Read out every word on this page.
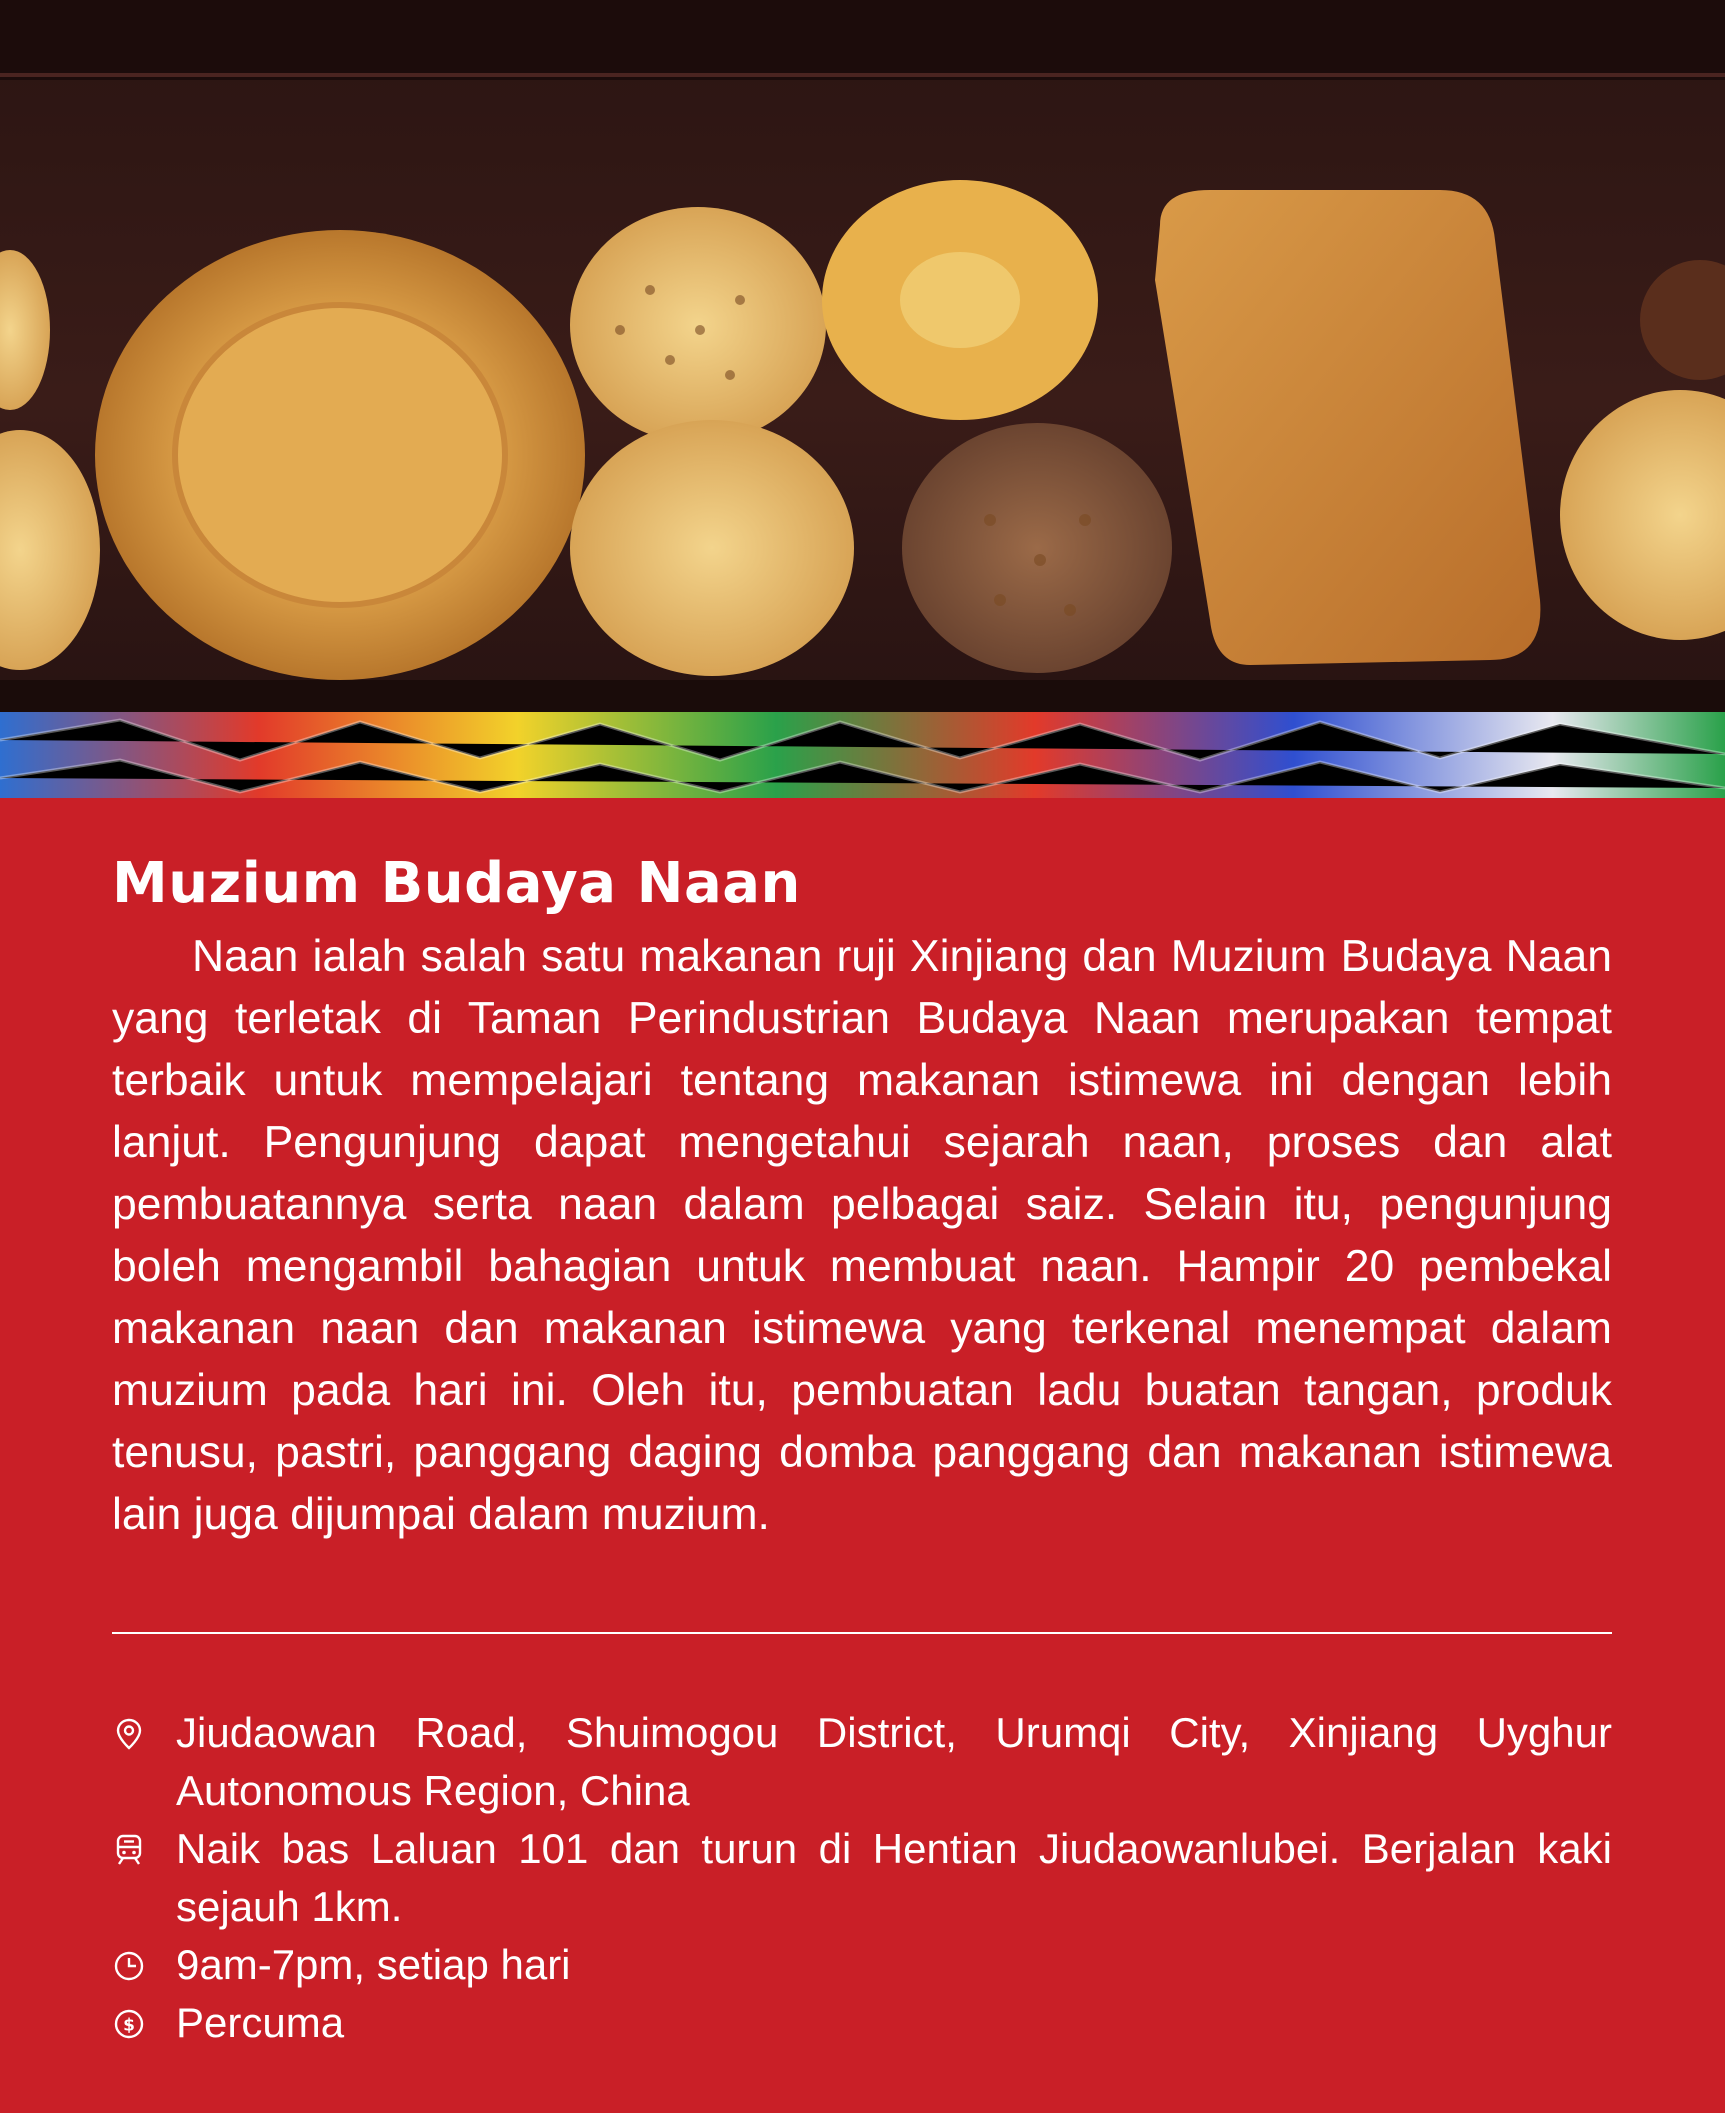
Muzium Budaya Naan
Naan ialah salah satu makanan ruji Xinjiang dan Muzium Budaya Naan yang terletak di Taman Perindustrian Budaya Naan merupakan tempat terbaik untuk mempelajari tentang makanan istimewa ini dengan lebih lanjut. Pengunjung dapat mengetahui sejarah naan, proses dan alat pembuatannya serta naan dalam pelbagai saiz. Selain itu, pengunjung boleh mengambil bahagian untuk membuat naan. Hampir 20 pembekal makanan naan dan makanan istimewa yang terkenal menempat dalam muzium pada hari ini. Oleh itu, pembuatan ladu buatan tangan, produk tenusu, pastri, panggang daging domba panggang dan makanan istimewa lain juga dijumpai dalam muzium.
Jiudaowan Road, Shuimogou District, Urumqi City, Xinjiang Uyghur Autonomous Region, China
Naik bas Laluan 101 dan turun di Hentian Jiudaowanlubei. Berjalan kaki sejauh 1km.
9am-7pm, setiap hari
$ Percuma
